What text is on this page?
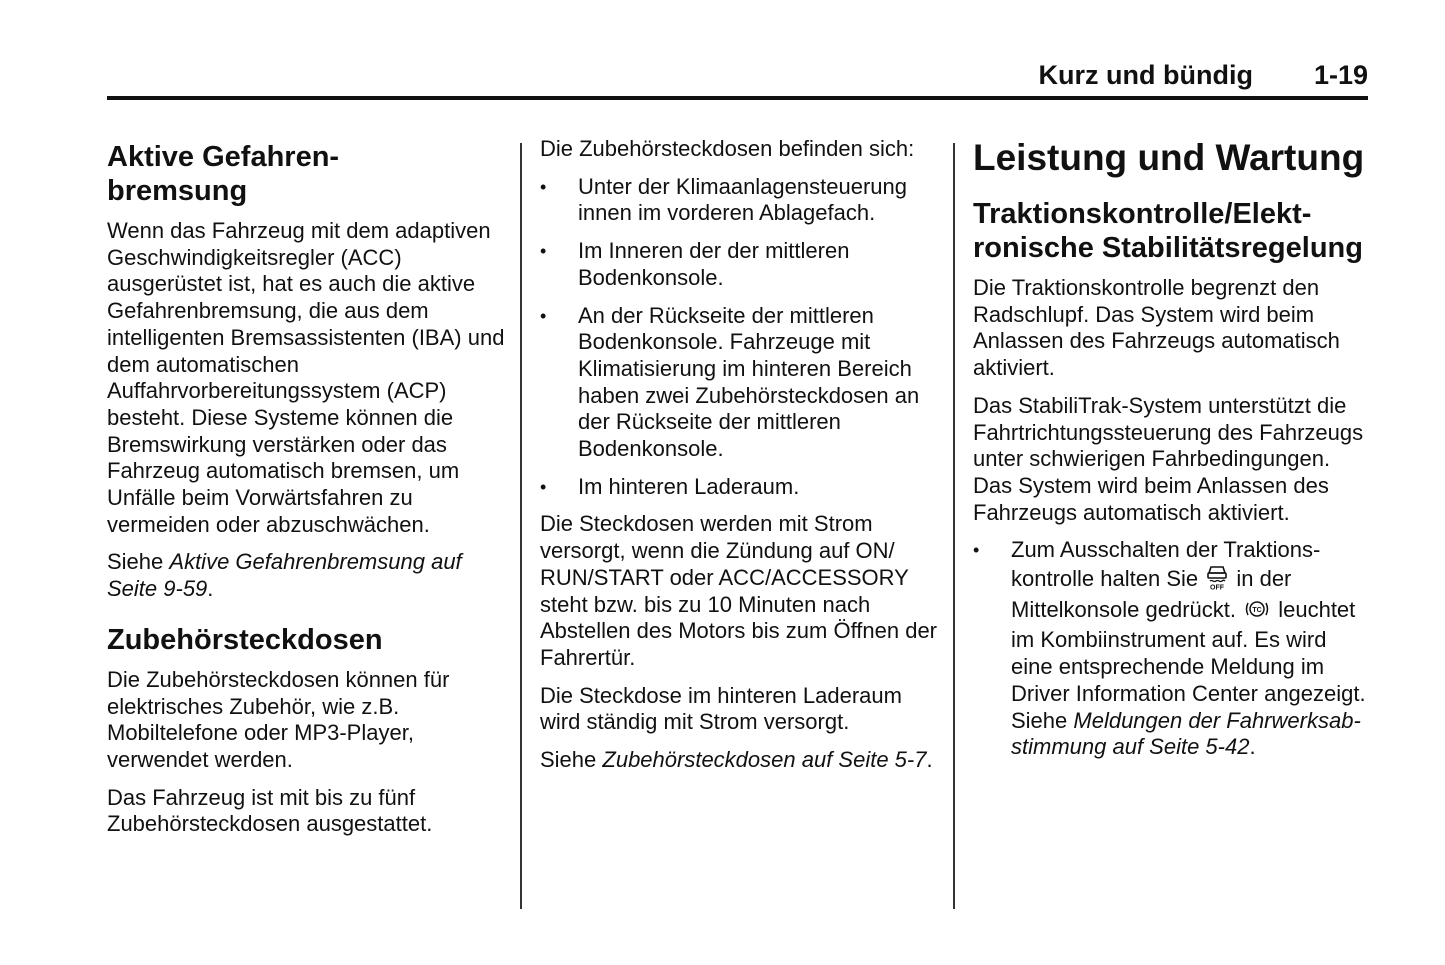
Kurz und bündig 1-19
Aktive Gefahren-
bremsung

Wenn das Fahrzeug mit dem adaptiven Geschwindigkeitsregler (ACC) ausgerüstet ist, hat es auch die aktive Gefahrenbremsung, die aus dem intelligenten Bremsassistenten (IBA) und dem automatischen Auffahrvorbereitungssystem (ACP) besteht. Diese Systeme können die Bremswirkung verstärken oder das Fahrzeug automatisch bremsen, um Unfälle beim Vorwärtsfahren zu vermeiden oder abzuschwächen.

Siehe Aktive Gefahrenbremsung auf Seite 9-59.

Zubehörsteckdosen

Die Zubehörsteckdosen können für elektrisches Zubehör, wie z.B. Mobiltelefone oder MP3-Player, verwendet werden.

Das Fahrzeug ist mit bis zu fünf Zubehörsteckdosen ausgestattet.

Die Zubehörsteckdosen befinden sich:

• Unter der Klimaanlagensteuerung innen im vorderen Ablagefach.
• Im Inneren der der mittleren Bodenkonsole.
• An der Rückseite der mittleren Bodenkonsole. Fahrzeuge mit Klimatisierung im hinteren Bereich haben zwei Zubehörsteckdosen an der Rückseite der mittleren Bodenkonsole.
• Im hinteren Laderaum.

Die Steckdosen werden mit Strom versorgt, wenn die Zündung auf ON/ RUN/START oder ACC/ACCESSORY steht bzw. bis zu 10 Minuten nach Abstellen des Motors bis zum Öffnen der Fahrertür.

Die Steckdose im hinteren Laderaum wird ständig mit Strom versorgt.

Siehe Zubehörsteckdosen auf Seite 5-7.

Leistung und Wartung
Traktionskontrolle/Elektronische Stabilitätsregelung

Die Traktionskontrolle begrenzt den Radschlupf. Das System wird beim Anlassen des Fahrzeugs automatisch aktiviert.

Das StabiliTrak-System unterstützt die Fahrtrichtungssteuerung des Fahrzeugs unter schwierigen Fahrbedingungen. Das System wird beim Anlassen des Fahrzeugs automatisch aktiviert.

• Zum Ausschalten der Traktionskontrolle halten Sie OFF in der Mittelkonsole gedrückt. TC leuchtet im Kombiinstrument auf. Es wird eine entsprechende Meldung im Driver Information Center angezeigt. Siehe Meldungen der Fahrwerksabstimmung auf Seite 5-42.
